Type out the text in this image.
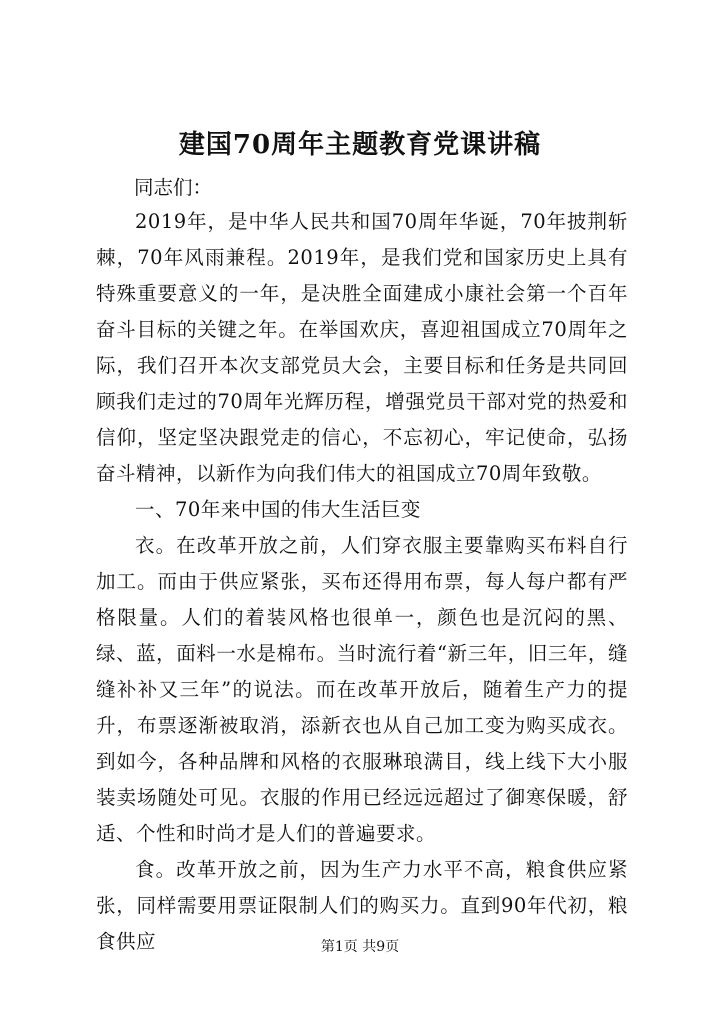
建国70周年主题教育党课讲稿
同志们：

2019年，是中华人民共和国70周年华诞，70年披荆斩棘，70年风雨兼程。2019年，是我们党和国家历史上具有特殊重要意义的一年，是决胜全面建成小康社会第一个百年奋斗目标的关键之年。在举国欢庆，喜迎祖国成立70周年之际，我们召开本次支部党员大会，主要目标和任务是共同回顾我们走过的70周年光辉历程，增强党员干部对党的热爱和信仰，坚定坚决跟党走的信心，不忘初心，牢记使命，弘扬奋斗精神，以新作为向我们伟大的祖国成立70周年致敬。

一、70年来中国的伟大生活巨变

衣。在改革开放之前，人们穿衣服主要靠购买布料自行加工。而由于供应紧张，买布还得用布票，每人每户都有严格限量。人们的着装风格也很单一，颜色也是沉闷的黑、绿、蓝，面料一水是棉布。当时流行着“新三年，旧三年，缝缝补补又三年”的说法。而在改革开放后，随着生产力的提升，布票逐渐被取消，添新衣也从自己加工变为购买成衣。到如今，各种品牌和风格的衣服琳琅满目，线上线下大小服装卖场随处可见。衣服的作用已经远远超过了御寒保暖，舒适、个性和时尚才是人们的普遍要求。

食。改革开放之前，因为生产力水平不高，粮食供应紧张，同样需要用票证限制人们的购买力。直到90年代初，粮食供应	第1页 共9页
